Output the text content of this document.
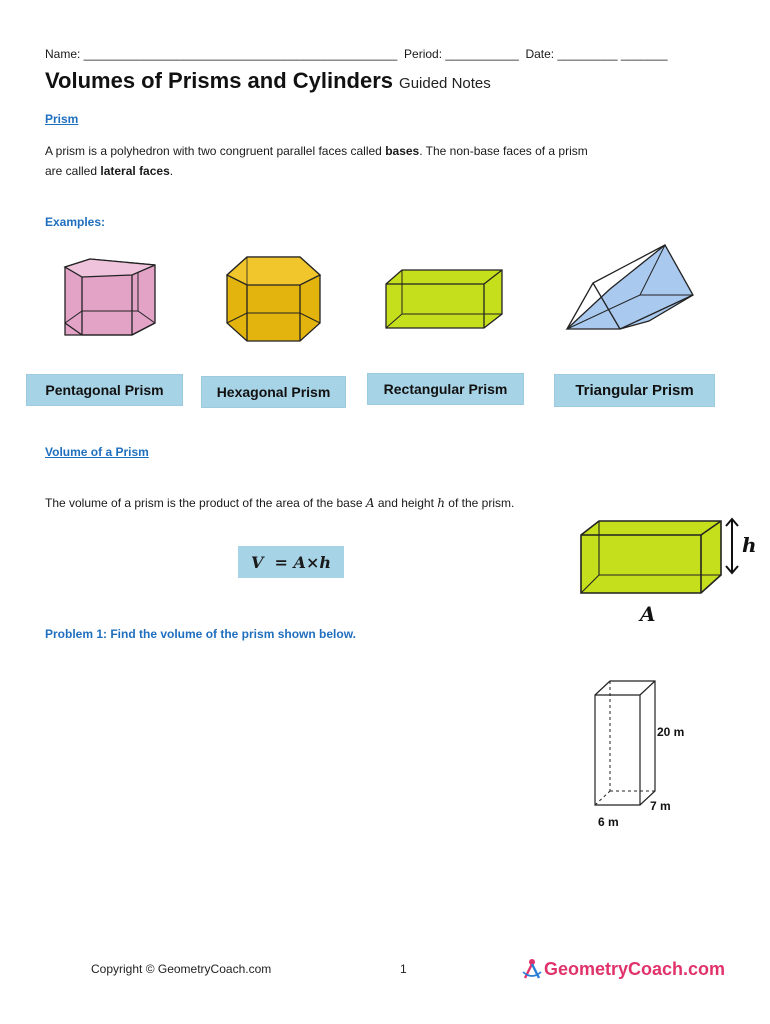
Name: _______________________________________________  Period: ___________  Date: _________ _______
Volumes of Prisms and Cylinders Guided Notes
Prism
A prism is a polyhedron with two congruent parallel faces called bases. The non-base faces of a prism
are called lateral faces.
Examples:
Pentagonal Prism	Hexagonal Prism	Rectangular Prism	Triangular Prism
Volume of a Prism
The volume of a prism is the product of the area of the base A and height h of the prism.
V  = A×h
h
A
Problem 1: Find the volume of the prism shown below.
20 m
7 m
6 m
Copyright © GeometryCoach.com	1	GeometryCoach.com
